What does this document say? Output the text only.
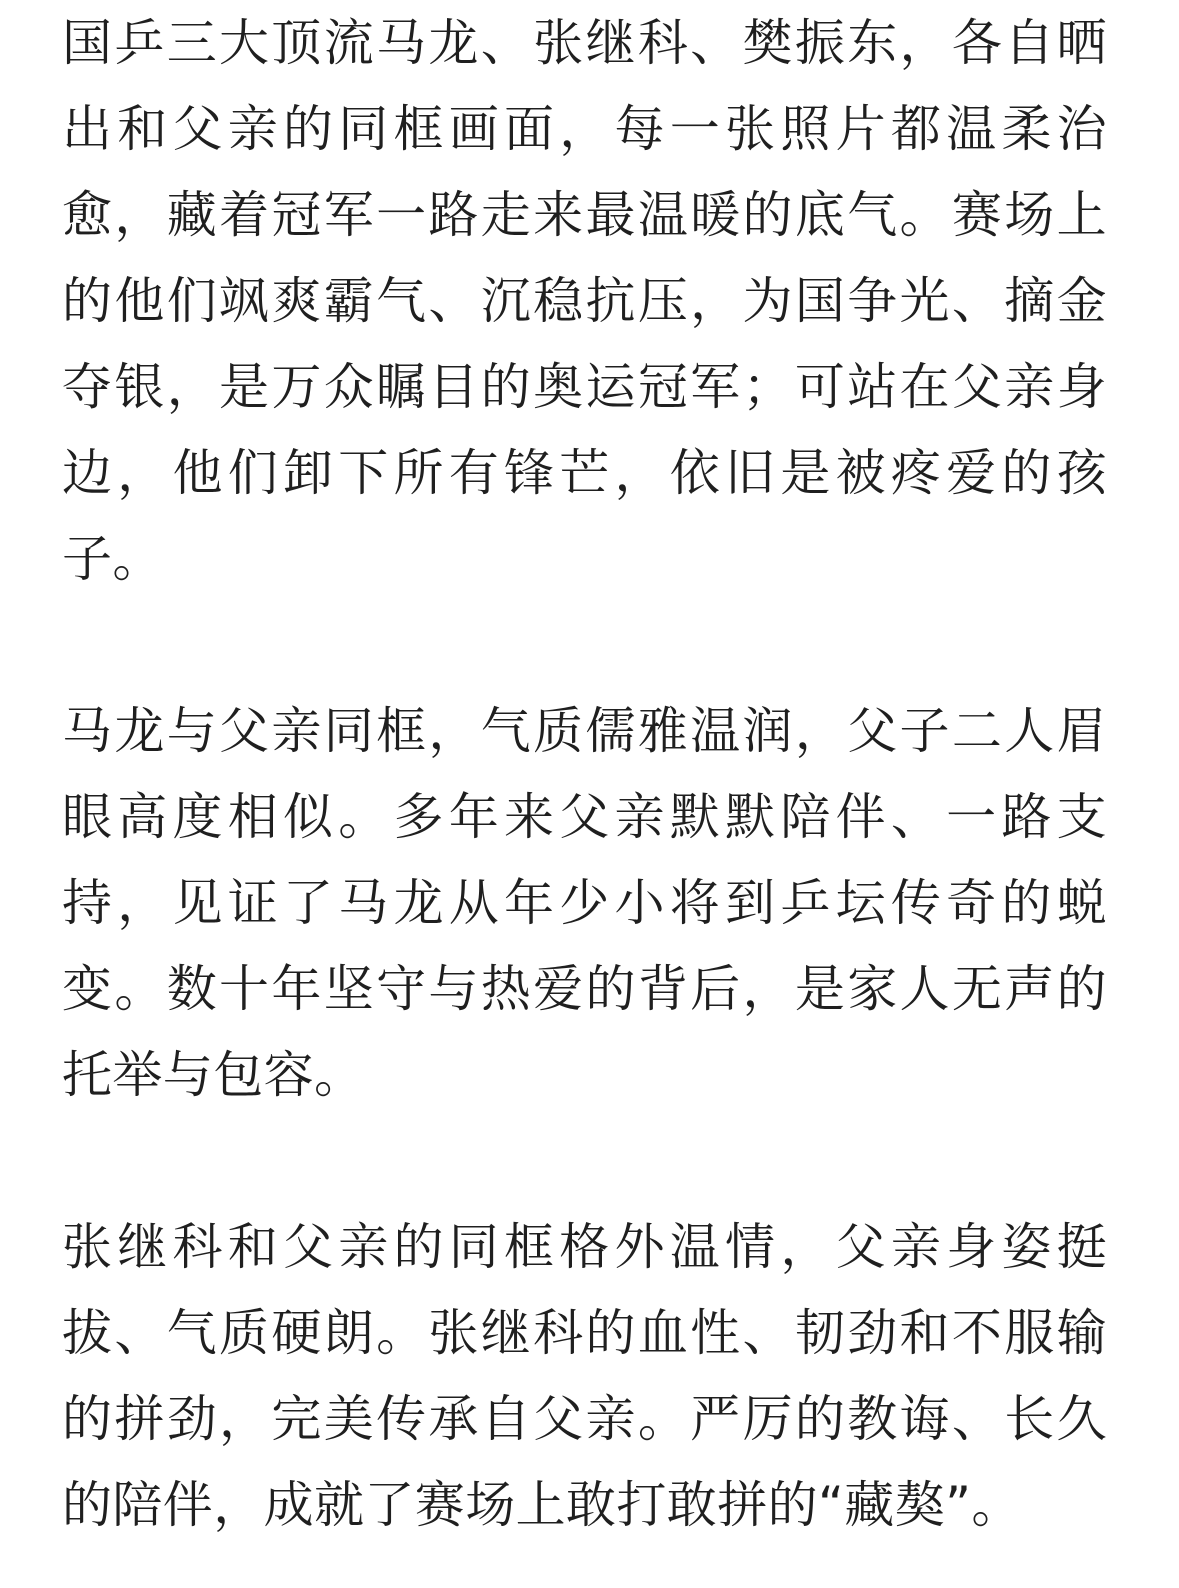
国乒三大顶流马龙、张继科、樊振东，各自晒出和父亲的同框画面，每一张照片都温柔治愈，藏着冠军一路走来最温暖的底气。赛场上的他们飒爽霸气、沉稳抗压，为国争光、摘金夺银，是万众瞩目的奥运冠军；可站在父亲身边，他们卸下所有锋芒，依旧是被疼爱的孩子。

马龙与父亲同框，气质儒雅温润，父子二人眉眼高度相似。多年来父亲默默陪伴、一路支持，见证了马龙从年少小将到乒坛传奇的蜕变。数十年坚守与热爱的背后，是家人无声的托举与包容。

张继科和父亲的同框格外温情，父亲身姿挺拔、气质硬朗。张继科的血性、韧劲和不服输的拼劲，完美传承自父亲。严厉的教诲、长久的陪伴，成就了赛场上敢打敢拼的“藏獒”。
